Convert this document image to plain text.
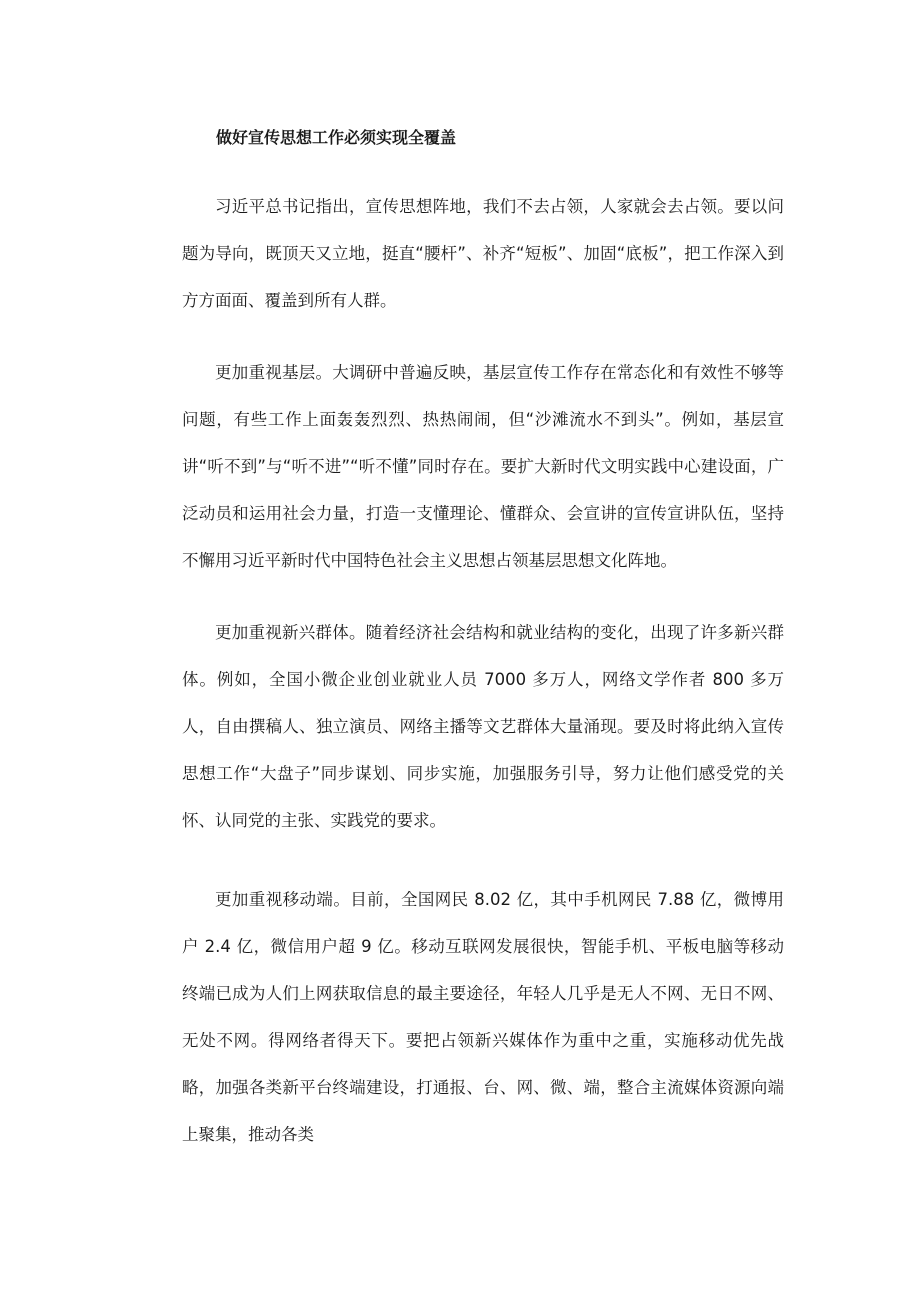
做好宣传思想工作必须实现全覆盖

习近平总书记指出，宣传思想阵地，我们不去占领，人家就会去占领。要以问题为导向，既顶天又立地，挺直“腰杆”、补齐“短板”、加固“底板”，把工作深入到方方面面、覆盖到所有人群。

更加重视基层。大调研中普遍反映，基层宣传工作存在常态化和有效性不够等问题，有些工作上面轰轰烈烈、热热闹闹，但“沙滩流水不到头”。例如，基层宣讲“听不到”与“听不进”“听不懂”同时存在。要扩大新时代文明实践中心建设面，广泛动员和运用社会力量，打造一支懂理论、懂群众、会宣讲的宣传宣讲队伍，坚持不懈用习近平新时代中国特色社会主义思想占领基层思想文化阵地。

更加重视新兴群体。随着经济社会结构和就业结构的变化，出现了许多新兴群体。例如，全国小微企业创业就业人员 7000 多万人，网络文学作者 800 多万人，自由撰稿人、独立演员、网络主播等文艺群体大量涌现。要及时将此纳入宣传思想工作“大盘子”同步谋划、同步实施，加强服务引导，努力让他们感受党的关怀、认同党的主张、实践党的要求。

更加重视移动端。目前，全国网民 8.02 亿，其中手机网民 7.88 亿，微博用户 2.4 亿，微信用户超 9 亿。移动互联网发展很快，智能手机、平板电脑等移动终端已成为人们上网获取信息的最主要途径，年轻人几乎是无人不网、无日不网、无处不网。得网络者得天下。要把占领新兴媒体作为重中之重，实施移动优先战略，加强各类新平台终端建设，打通报、台、网、微、端，整合主流媒体资源向端上聚集，推动各类
